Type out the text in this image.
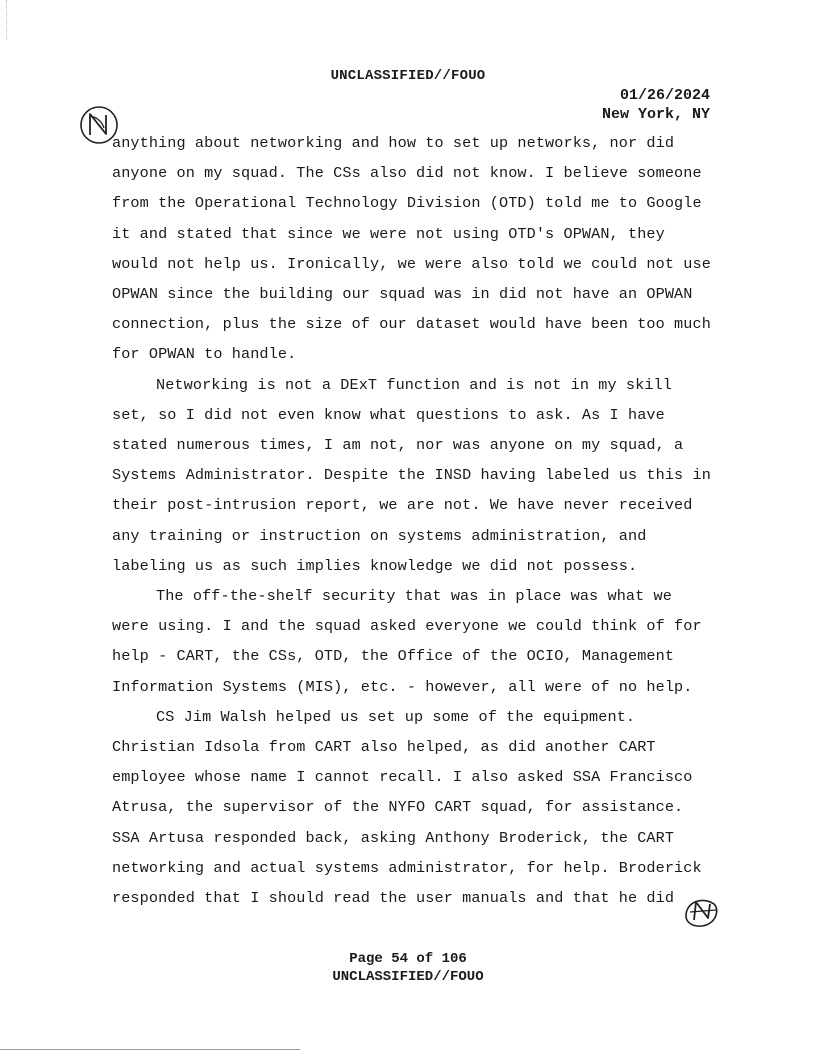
UNCLASSIFIED//FOUO
01/26/2024
New York, NY

anything about networking and how to set up networks, nor did anyone on my squad. The CSs also did not know. I believe someone from the Operational Technology Division (OTD) told me to Google it and stated that since we were not using OTD's OPWAN, they would not help us. Ironically, we were also told we could not use OPWAN since the building our squad was in did not have an OPWAN connection, plus the size of our dataset would have been too much for OPWAN to handle.

Networking is not a DExT function and is not in my skill set, so I did not even know what questions to ask. As I have stated numerous times, I am not, nor was anyone on my squad, a Systems Administrator. Despite the INSD having labeled us this in their post-intrusion report, we are not. We have never received any training or instruction on systems administration, and labeling us as such implies knowledge we did not possess.

The off-the-shelf security that was in place was what we were using. I and the squad asked everyone we could think of for help - CART, the CSs, OTD, the Office of the OCIO, Management Information Systems (MIS), etc. - however, all were of no help.

CS Jim Walsh helped us set up some of the equipment. Christian Idsola from CART also helped, as did another CART employee whose name I cannot recall. I also asked SSA Francisco Atrusa, the supervisor of the NYFO CART squad, for assistance. SSA Artusa responded back, asking Anthony Broderick, the CART networking and actual systems administrator, for help. Broderick responded that I should read the user manuals and that he did

Page 54 of 106
UNCLASSIFIED//FOUO
